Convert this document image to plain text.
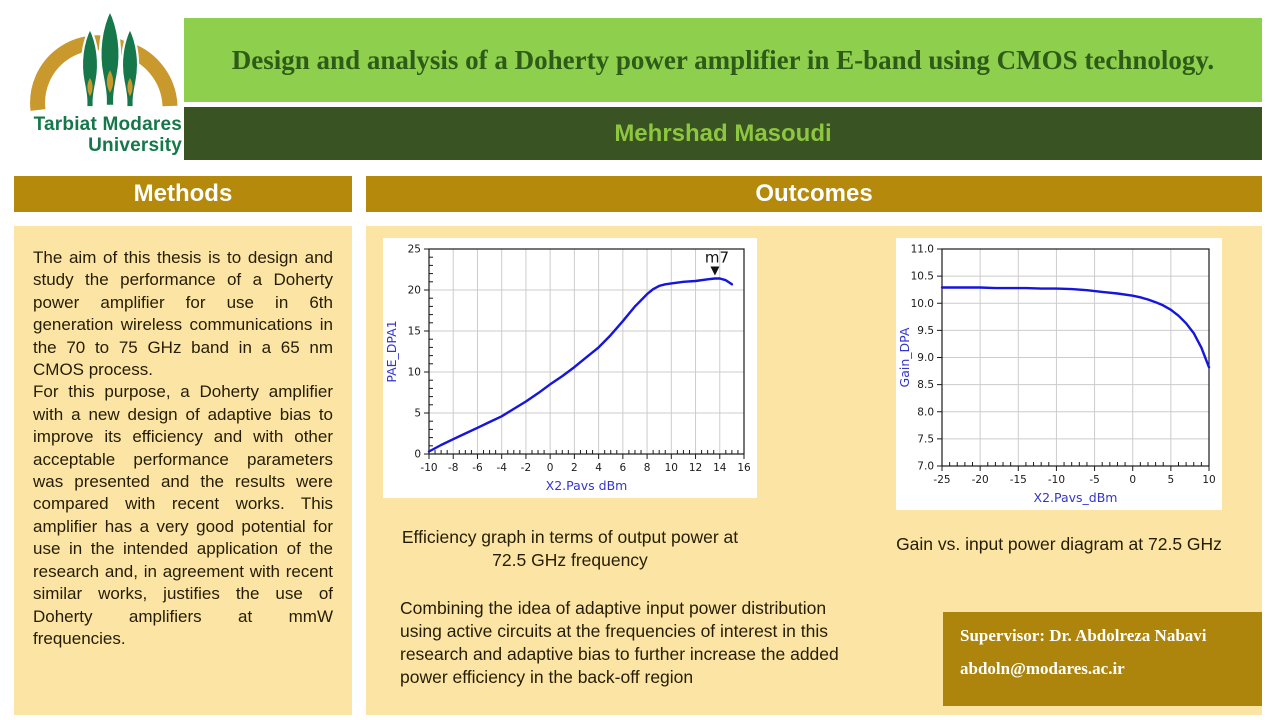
Tarbiat Modares
University
Design and analysis of a Doherty power amplifier in E-band using CMOS technology.
Mehrshad Masoudi
Methods	Outcomes

The aim of this thesis is to design and study the performance of a Doherty power amplifier for use in 6th generation wireless communications in the 70 to 75 GHz band in a 65 nm CMOS process.

For this purpose, a Doherty amplifier with a new design of adaptive bias to improve its efficiency and with other acceptable performance parameters was presented and the results were compared with recent works. This amplifier has a very good potential for use in the intended application of the research and, in agreement with recent similar works, justifies the use of Doherty amplifiers at mmW frequencies.

-10 -8 -6 -4 -2 0 2 4 6 8 10 12 14 16
0
5
10
15
20
25	m7
X2.Pavs dBm
PAE_DPA1
-25 -20 -15 -10 -5	0	5	10
7.0
7.5
8.0
8.5
9.0
9.5
10.0
10.5
11.0
X2.Pavs_dBm
Gain_DPA
Efficiency graph in terms of output power at
72.5 GHz frequency
Gain vs. input power diagram at 72.5 GHz
Combining the idea of adaptive input power distribution using active circuits at the frequencies of interest in this research and adaptive bias to further increase the added power efficiency in the back-off region
Supervisor: Dr. Abdolreza Nabavi
abdoln@modares.ac.ir
